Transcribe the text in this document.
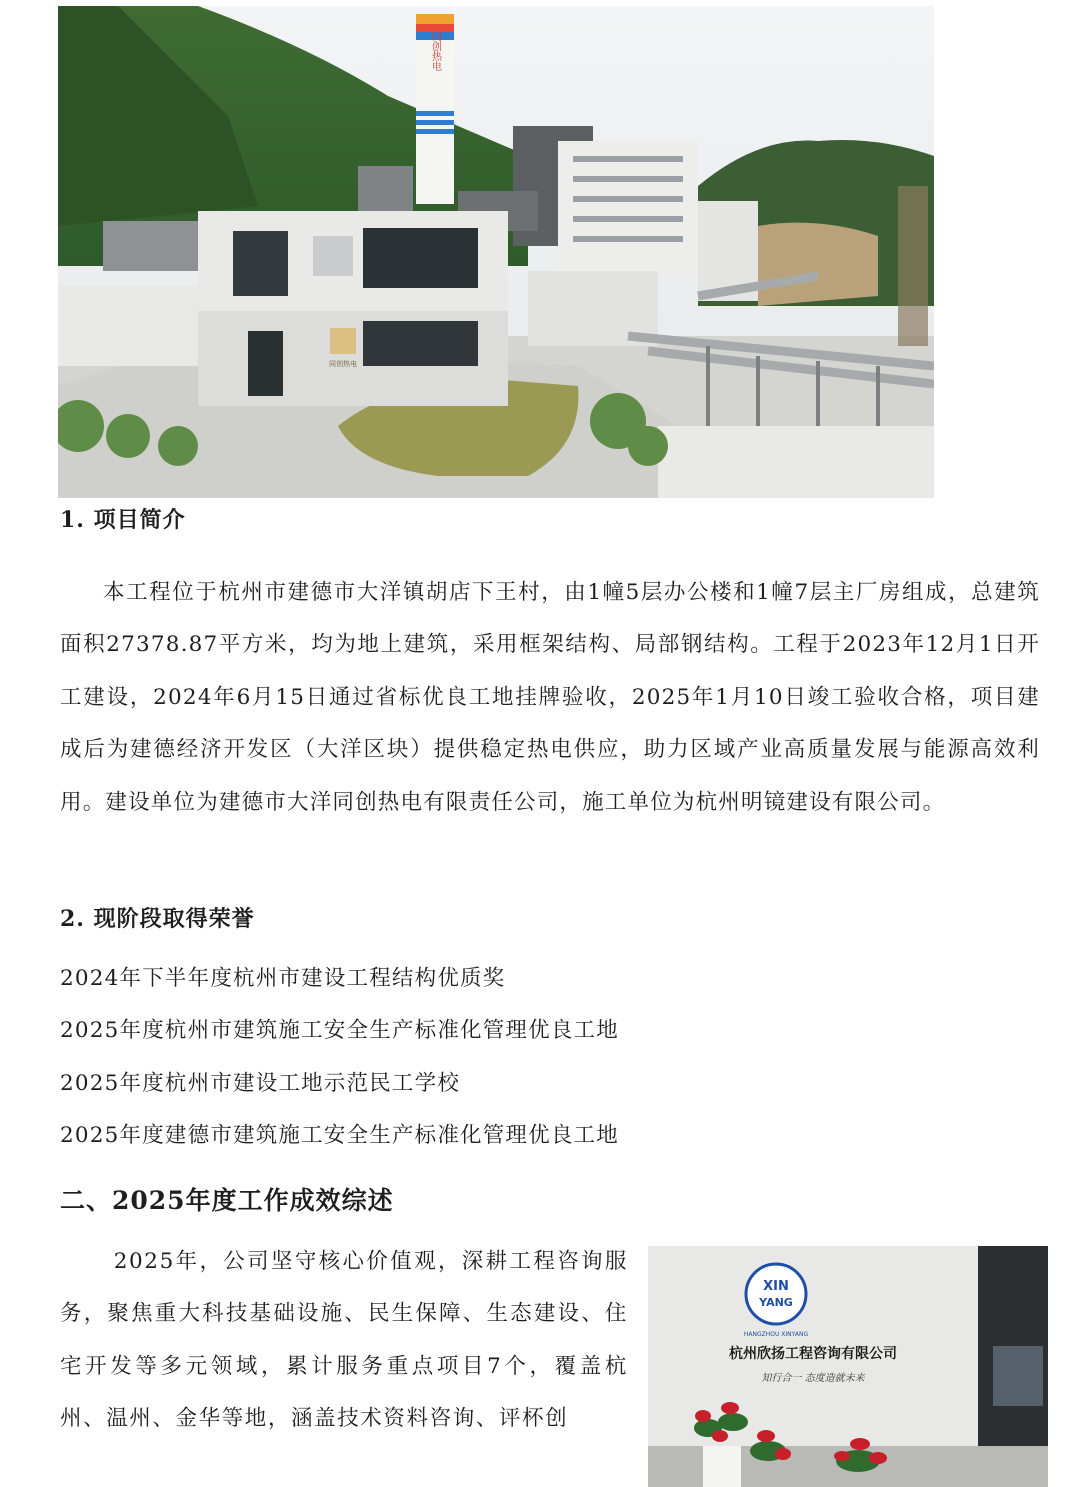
同创热电
同创热电
1. 项目简介

本工程位于杭州市建德市大洋镇胡店下王村，由1幢5层办公楼和1幢7层主厂房组成，总建筑面积27378.87平方米，均为地上建筑，采用框架结构、局部钢结构。工程于2023年12月1日开工建设，2024年6月15日通过省标优良工地挂牌验收，2025年1月10日竣工验收合格，项目建成后为建德经济开发区（大洋区块）提供稳定热电供应，助力区域产业高质量发展与能源高效利用。建设单位为建德市大洋同创热电有限责任公司，施工单位为杭州明镜建设有限公司。

2. 现阶段取得荣誉
2024年下半年度杭州市建设工程结构优质奖
2025年度杭州市建筑施工安全生产标准化管理优良工地
2025年度杭州市建设工地示范民工学校
2025年度建德市建筑施工安全生产标准化管理优良工地
二、2025年度工作成效综述

2025年，公司坚守核心价值观，深耕工程咨询服务，聚焦重大科技基础设施、民生保障、生态建设、住宅开发等多元领域，累计服务重点项目7个，覆盖杭州、温州、金华等地，涵盖技术资料咨询、评杯创

XIN
YANG
HANGZHOU XINYANG
杭州欣扬工程咨询有限公司
知行合一 态度造就未来
